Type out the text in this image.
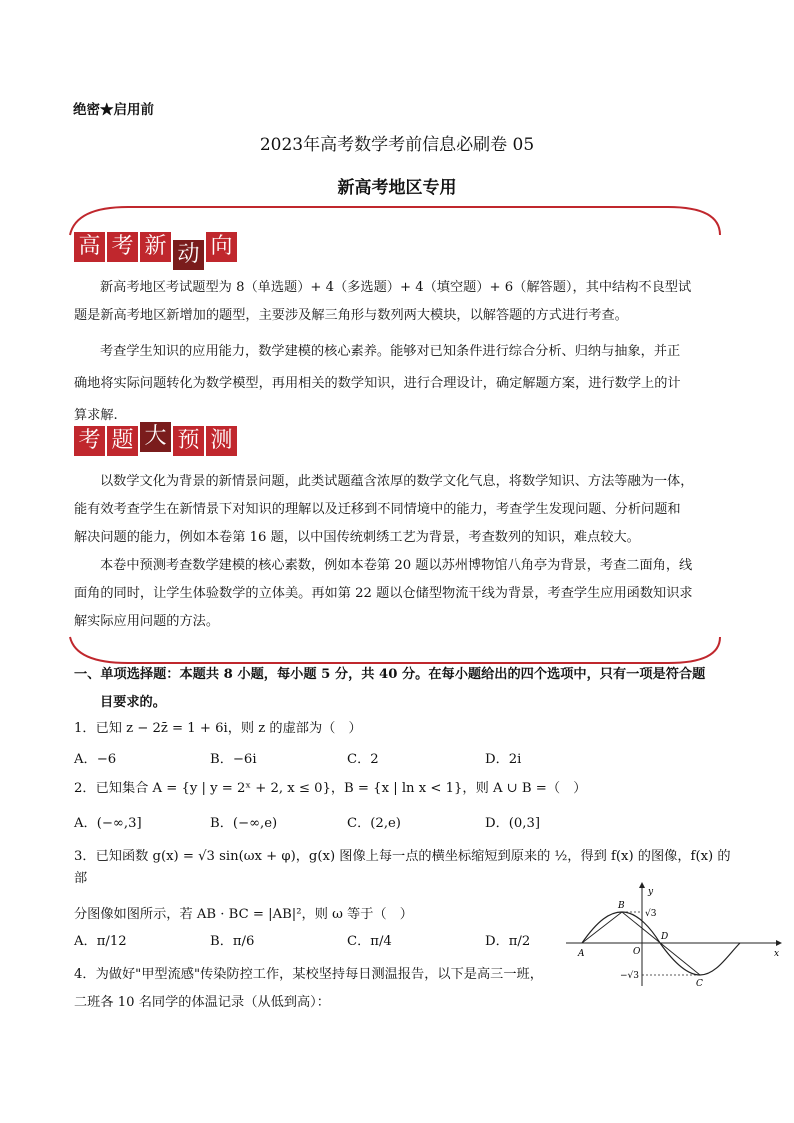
绝密★启用前
2023年高考数学考前信息必刷卷 05
新高考地区专用
高 考 新 动 向
新高考地区考试题型为 8（单选题）+ 4（多选题）+ 4（填空题）+ 6（解答题），其中结构不良型试
题是新高考地区新增加的题型，主要涉及解三角形与数列两大模块，以解答题的方式进行考查。
考查学生知识的应用能力，数学建模的核心素养。能够对已知条件进行综合分析、归纳与抽象，并正
确地将实际问题转化为数学模型，再用相关的数学知识，进行合理设计，确定解题方案，进行数学上的计
算求解.
考 题 大 预 测
以数学文化为背景的新情景问题，此类试题蕴含浓厚的数学文化气息，将数学知识、方法等融为一体，
能有效考查学生在新情景下对知识的理解以及迁移到不同情境中的能力，考查学生发现问题、分析问题和
解决问题的能力，例如本卷第 16 题，以中国传统刺绣工艺为背景，考查数列的知识，难点较大。
本卷中预测考查数学建模的核心素数，例如本卷第 20 题以苏州博物馆八角亭为背景，考查二面角，线
面角的同时，让学生体验数学的立体美。再如第 22 题以仓储型物流干线为背景，考查学生应用函数知识求
解实际应用问题的方法。
一、单项选择题：本题共 8 小题，每小题 5 分，共 40 分。在每小题给出的四个选项中，只有一项是符合题
目要求的。
1．已知 z − 2z̄ = 1 + 6i，则 z 的虚部为（　）
A．−6	B．−6i	C．2	D．2i
2．已知集合 A = {y | y = 2ˣ + 2, x ≤ 0}，B = {x | ln x < 1}，则 A ∪ B =（　）
A．(−∞,3]	B．(−∞,e)	C．(2,e)	D．(0,3]
3．已知函数 g(x) = √3 sin(ωx + φ)，g(x) 图像上每一点的横坐标缩短到原来的 ½，得到 f(x) 的图像，f(x) 的部
分图像如图所示，若 AB · BC = |AB|²，则 ω 等于（　）
A．π/12	B．π/6	C．π/4	D．π/2
y
x
O
A
B
C
D
√3
−√3
4．为做好"甲型流感"传染防控工作，某校坚持每日测温报告，以下是高三一班，
二班各 10 名同学的体温记录（从低到高）：
